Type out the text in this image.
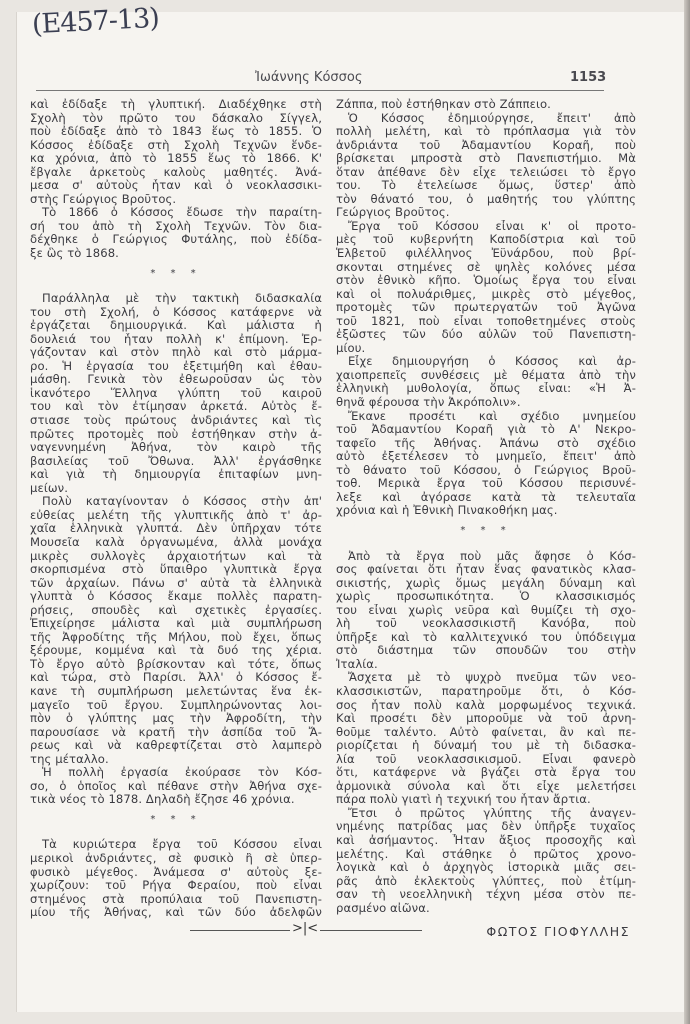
(Ε457-13)
Ἰωάννης Κόσσος	1153
καὶ ἐδίδαξε τὴ γλυπτική. Διαδέχθηκε στὴ
Σχολὴ τὸν πρῶτο του δάσκαλο Σίγγελ,
ποὺ ἐδίδαξε ἀπὸ τὸ 1843 ἕως τὸ 1855. Ὁ
Κόσσος ἐδίδαξε στὴ Σχολὴ Τεχνῶν ἕνδε-
κα χρόνια, ἀπὸ τὸ 1855 ἕως τὸ 1866. Κ'
ἔβγαλε ἀρκετοὺς καλοὺς μαθητές. Ἀνά-
μεσα σ' αὐτοὺς ἦταν καὶ ὁ νεοκλασσικι-
στὴς Γεώργιος Βροῦτος.
Τὸ 1866 ὁ Κόσσος ἔδωσε τὴν παραίτη-
σή του ἀπὸ τὴ Σχολὴ Τεχνῶν. Τὸν δια-
δέχθηκε ὁ Γεώργιος Φυτάλης, ποὺ ἐδίδα-
ξε ὣς τὸ 1868.
* * *
Παράλληλα μὲ τὴν τακτικὴ διδασκαλία
του στὴ Σχολή, ὁ Κόσσος κατάφερνε νὰ
ἐργάζεται δημιουργικά. Καὶ μάλιστα ἡ
δουλειά του ἦταν πολλὴ κ' ἐπίμονη. Ἐρ-
γάζονταν καὶ στὸν πηλὸ καὶ στὸ μάρμα-
ρο. Ἡ ἐργασία του ἐξετιμήθη καὶ ἐθαυ-
μάσθη. Γενικὰ τὸν ἐθεωροῦσαν ὡς τὸν
ἱκανότερο Ἕλληνα γλύπτη τοῦ καιροῦ
του καὶ τὸν ἐτίμησαν ἀρκετά. Αὐτὸς ἔ-
στιασε τοὺς πρώτους ἀνδριάντες καὶ τὶς
πρῶτες προτομὲς ποὺ ἐστήθηκαν στὴν ἀ-
ναγεννημένη Ἀθήνα, τὸν καιρὸ τῆς
βασιλείας τοῦ Ὄθωνα. Ἀλλ' ἐργάσθηκε
καὶ γιὰ τὴ δημιουργία ἐπιταφίων μνη-
μείων.
Πολὺ καταγίνονταν ὁ Κόσσος στὴν ἀπ'
εὐθείας μελέτη τῆς γλυπτικῆς ἀπὸ τ' ἀρ-
χαῖα ἑλληνικὰ γλυπτά. Δὲν ὑπῆρχαν τότε
Μουσεῖα καλὰ ὀργανωμένα, ἀλλὰ μονάχα
μικρὲς συλλογὲς ἀρχαιοτήτων καὶ τὰ
σκορπισμένα στὸ ὕπαιθρο γλυπτικὰ ἔργα
τῶν ἀρχαίων. Πάνω σ' αὐτὰ τὰ ἑλληνικὰ
γλυπτὰ ὁ Κόσσος ἔκαμε πολλὲς παρατη-
ρήσεις, σπουδὲς καὶ σχετικὲς ἐργασίες.
Ἐπιχείρησε μάλιστα καὶ μιὰ συμπλήρωση
τῆς Ἀφροδίτης τῆς Μήλου, ποὺ ἔχει, ὅπως
ξέρουμε, κομμένα καὶ τὰ δυό της χέρια.
Τὸ ἔργο αὐτὸ βρίσκονταν καὶ τότε, ὅπως
καὶ τώρα, στὸ Παρίσι. Ἀλλ' ὁ Κόσσος ἔ-
κανε τὴ συμπλήρωση μελετώντας ἕνα ἐκ-
μαγεῖο τοῦ ἔργου. Συμπληρώνοντας λοι-
πὸν ὁ γλύπτης μας τὴν Ἀφροδίτη, τὴν
παρουσίασε νὰ κρατῆ τὴν ἀσπίδα τοῦ Ἄ-
ρεως καὶ νὰ καθρεφτίζεται στὸ λαμπερὸ
της μέταλλο.
Ἡ πολλὴ ἐργασία ἐκούρασε τὸν Κόσ-
σο, ὁ ὁποῖος καὶ πέθανε στὴν Ἀθήνα σχε-
τικὰ νέος τὸ 1878. Δηλαδὴ ἔζησε 46 χρόνια.
* * *
Τὰ κυριώτερα ἔργα τοῦ Κόσσου εἶναι
μερικοὶ ἀνδριάντες, σὲ φυσικὸ ἢ σὲ ὑπερ-
φυσικὸ μέγεθος. Ἀνάμεσα σ' αὐτοὺς ξε-
χωρίζουν: τοῦ Ρήγα Φεραίου, ποὺ εἶναι
στημένος στὰ προπύλαια τοῦ Πανεπιστη-
μίου τῆς Ἀθήνας, καὶ τῶν δύο ἀδελφῶν
Ζάππα, ποὺ ἐστήθηκαν στὸ Ζάππειο.
Ὁ Κόσσος ἐδημιούργησε, ἔπειτ' ἀπὸ
πολλὴ μελέτη, καὶ τὸ πρόπλασμα γιὰ τὸν
ἀνδριάντα τοῦ Ἀδαμαντίου Κοραῆ, ποὺ
βρίσκεται μπροστὰ στὸ Πανεπιστήμιο. Μὰ
ὅταν ἀπέθανε δὲν εἶχε τελειώσει τὸ ἔργο
του. Τὸ ἐτελείωσε ὅμως, ὕστερ' ἀπὸ
τὸν θάνατό του, ὁ μαθητής του γλύπτης
Γεώργιος Βροῦτος.
Ἔργα τοῦ Κόσσου εἶναι κ' οἱ προτο-
μὲς τοῦ κυβερνήτη Καποδίστρια καὶ τοῦ
Ἑλβετοῦ φιλέλληνος Ἐϋνάρδου, ποὺ βρί-
σκονται στημένες σὲ ψηλὲς κολόνες μέσα
στὸν ἐθνικὸ κῆπο. Ὁμοίως ἔργα του εἶναι
καὶ οἱ πολυάριθμες, μικρὲς στὸ μέγεθος,
προτομὲς τῶν πρωτεργατῶν τοῦ Ἀγῶνα
τοῦ 1821, ποὺ εἶναι τοποθετημένες στοὺς
ἐξῶστες τῶν δύο αὐλῶν τοῦ Πανεπιστη-
μίου.
Εἶχε δημιουργήση ὁ Κόσσος καὶ ἀρ-
χαιοπρεπεῖς συνθέσεις μὲ θέματα ἀπὸ τὴν
ἑλληνικὴ μυθολογία, ὅπως εἶναι: «Ἡ Ἀ-
θηνᾶ φέρουσα τὴν Ἀκρόπολιν».
Ἔκανε προσέτι καὶ σχέδιο μνημείου
τοῦ Ἀδαμαντίου Κοραῆ γιὰ τὸ Α' Νεκρο-
ταφεῖο τῆς Ἀθήνας. Ἀπάνω στὸ σχέδιο
αὐτὸ ἐξετέλεσεν τὸ μνημεῖο, ἔπειτ' ἀπὸ
τὸ θάνατο τοῦ Κόσσου, ὁ Γεώργιος Βροῦ-
τοθ. Μερικὰ ἔργα τοῦ Κόσσου περισυνέ-
λεξε καὶ ἀγόρασε κατὰ τὰ τελευταῖα
χρόνια καὶ ἡ Ἐθνικὴ Πινακοθήκη μας.
* * *
Ἀπὸ τὰ ἔργα ποὺ μᾶς ἄφησε ὁ Κόσ-
σος φαίνεται ὅτι ἦταν ἕνας φανατικὸς κλασ-
σικιστής, χωρὶς ὅμως μεγάλη δύναμη καὶ
χωρὶς προσωπικότητα. Ὁ κλασσικισμός
του εἶναι χωρὶς νεῦρα καὶ θυμίζει τὴ σχο-
λὴ τοῦ νεοκλασσικιστῆ Κανόβα, ποὺ
ὑπῆρξε καὶ τὸ καλλιτεχνικό του ὑπόδειγμα
στὸ διάστημα τῶν σπουδῶν του στὴν
Ἰταλία.
Ἄσχετα μὲ τὸ ψυχρὸ πνεῦμα τῶν νεο-
κλασσικιστῶν, παρατηροῦμε ὅτι, ὁ Κόσ-
σος ἦταν πολὺ καλὰ μορφωμένος τεχνικά.
Καὶ προσέτι δὲν μποροῦμε νὰ τοῦ ἀρνη-
θοῦμε ταλέντο. Αὐτὸ φαίνεται, ἂν καὶ πε-
ριορίζεται ἡ δύναμή του μὲ τὴ διδασκα-
λία τοῦ νεοκλασσικισμοῦ. Εἶναι φανερὸ
ὅτι, κατάφερνε νὰ βγάζει στὰ ἔργα του
ἁρμονικὰ σύνολα καὶ ὅτι εἶχε μελετήσει
πάρα πολὺ γιατὶ ἡ τεχνική του ἦταν ἄρτια.
Ἔτσι ὁ πρῶτος γλύπτης τῆς ἀναγεν-
νημένης πατρίδας μας δὲν ὑπῆρξε τυχαῖος
καὶ ἀσήμαντος. Ἦταν ἄξιος προσοχῆς καὶ
μελέτης. Καὶ στάθηκε ὁ πρῶτος χρονο-
λογικὰ καὶ ὁ ἀρχηγὸς ἱστορικὰ μιᾶς σει-
ρᾶς ἀπὸ ἐκλεκτοὺς γλύπτες, ποὺ ἐτίμη-
σαν τὴ νεοελληνικὴ τέχνη μέσα στὸν πε-
ρασμένο αἰῶνα.
ΦΩΤΟΣ ΓΙΟΦΥΛΛΗΣ
>|<
